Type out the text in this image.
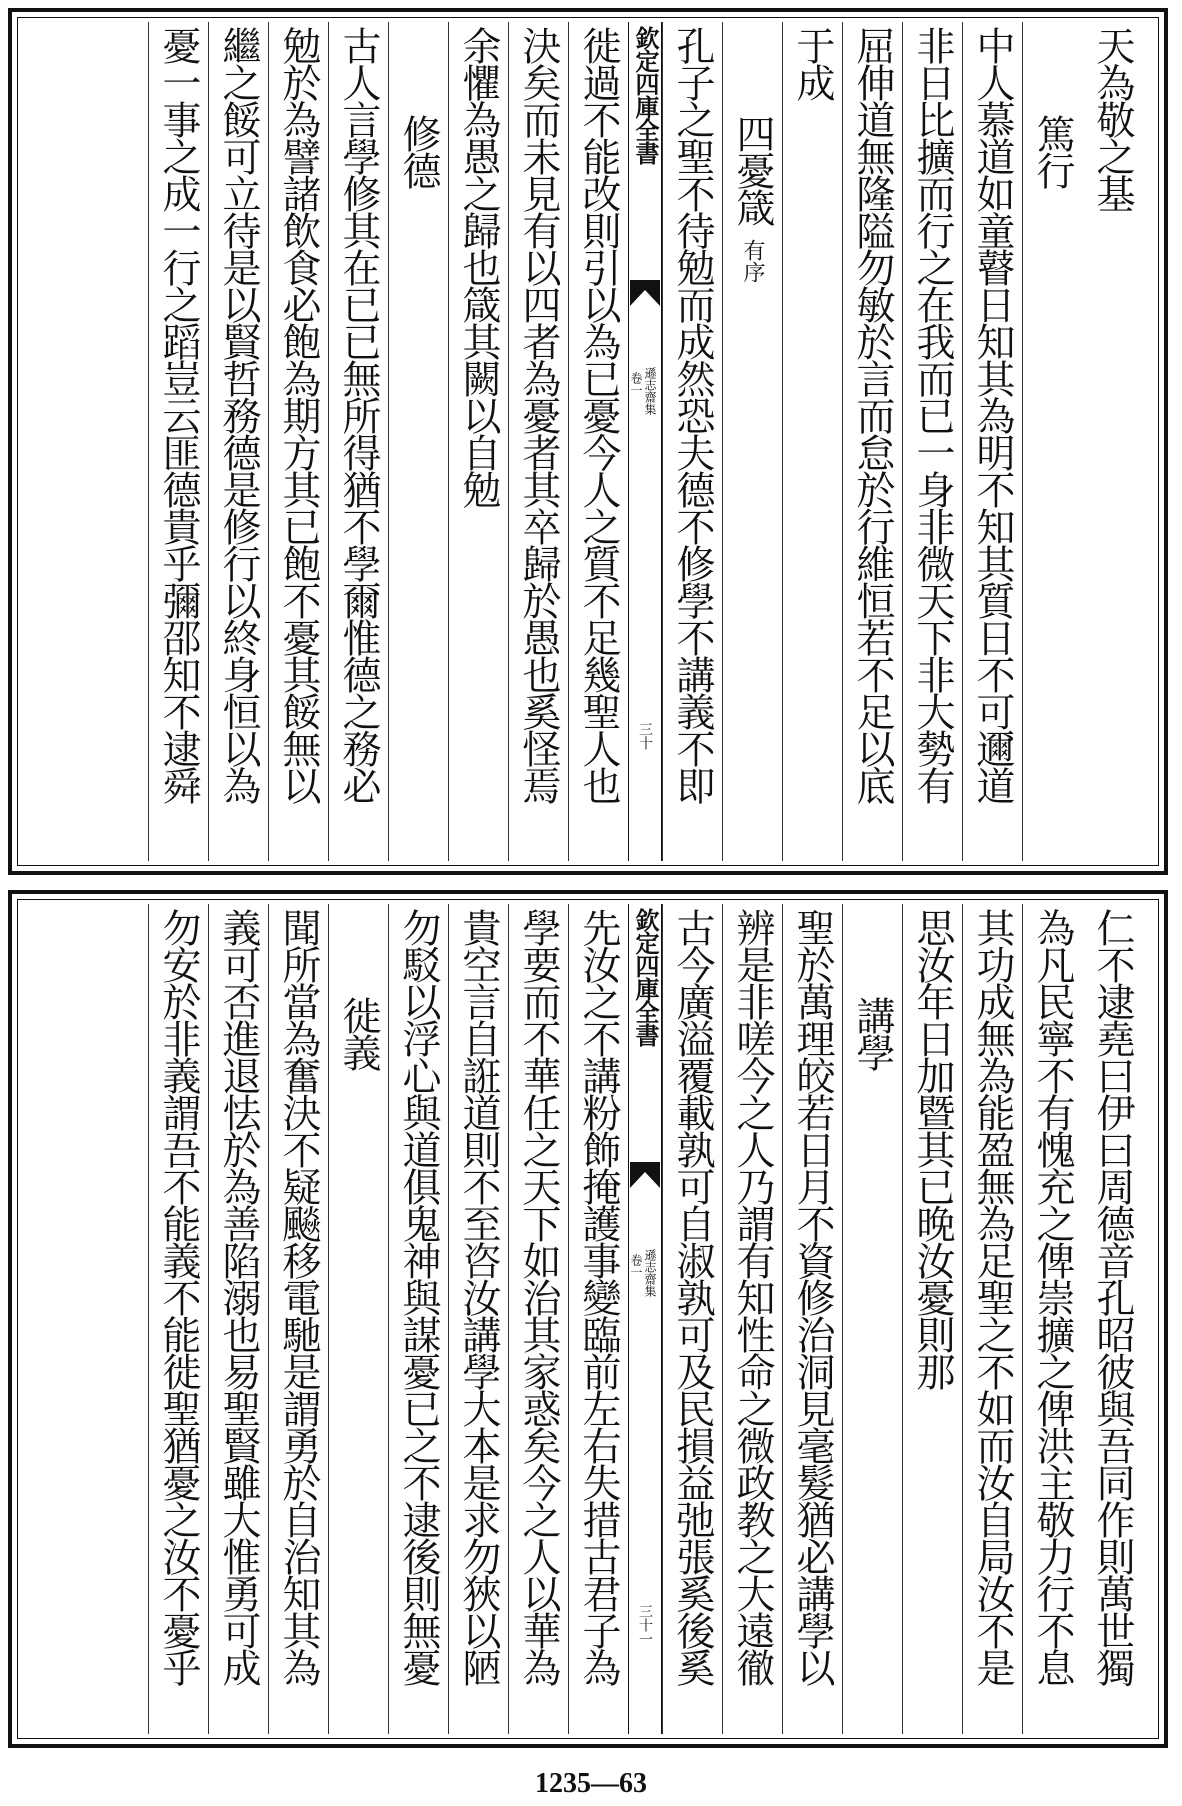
天為敬之基
篤行
中人慕道如童瞽日知其為明不知其質日不可邇道
非日比擴而行之在我而已一身非微天下非大勢有
屈伸道無隆隘勿敏於言而怠於行維恒若不足以底
于成
四憂箴有序
孔子之聖不待勉而成然恐夫德不修學不講義不即
欽定四庫全書
遜志齋集
卷一
三十
徙過不能改則引以為已憂今人之質不足幾聖人也
決矣而未見有以四者為憂者其卒歸於愚也奚怪焉
余懼為愚之歸也箴其闕以自勉
修德
古人言學修其在已已無所得猶不學爾惟德之務必
勉於為譬諸飲食必飽為期方其已飽不憂其餒無以
繼之餒可立待是以賢哲務德是修行以終身恒以為
憂一事之成一行之蹈豈云匪德貴乎彌邵知不逮舜
仁不逮堯曰伊曰周德音孔昭彼與吾同作則萬世獨
為凡民寧不有愧充之俾崇擴之俾洪主敬力行不息
其功成無為能盈無為足聖之不如而汝自局汝不是
思汝年日加暨其已晚汝憂則那
講學
聖於萬理皎若日月不資修治洞見毫髮猶必講學以
辨是非嗟今之人乃謂有知性命之微政教之大遠徹
古今廣溢覆載孰可自淑孰可及民損益弛張奚後奚
欽定四庫全書
遜志齋集
卷一
三十一
先汝之不講粉飾掩護事變臨前左右失措古君子為
學要而不華任之天下如治其家惑矣今之人以華為
貴空言自誑道則不至咨汝講學大本是求勿狹以陋
勿駁以浮心與道俱鬼神與謀憂已之不逮後則無憂
徙義
聞所當為奮決不疑飈移電馳是謂勇於自治知其為
義可否進退怯於為善陷溺也易聖賢雖大惟勇可成
勿安於非義謂吾不能義不能徙聖猶憂之汝不憂乎
1235—63
